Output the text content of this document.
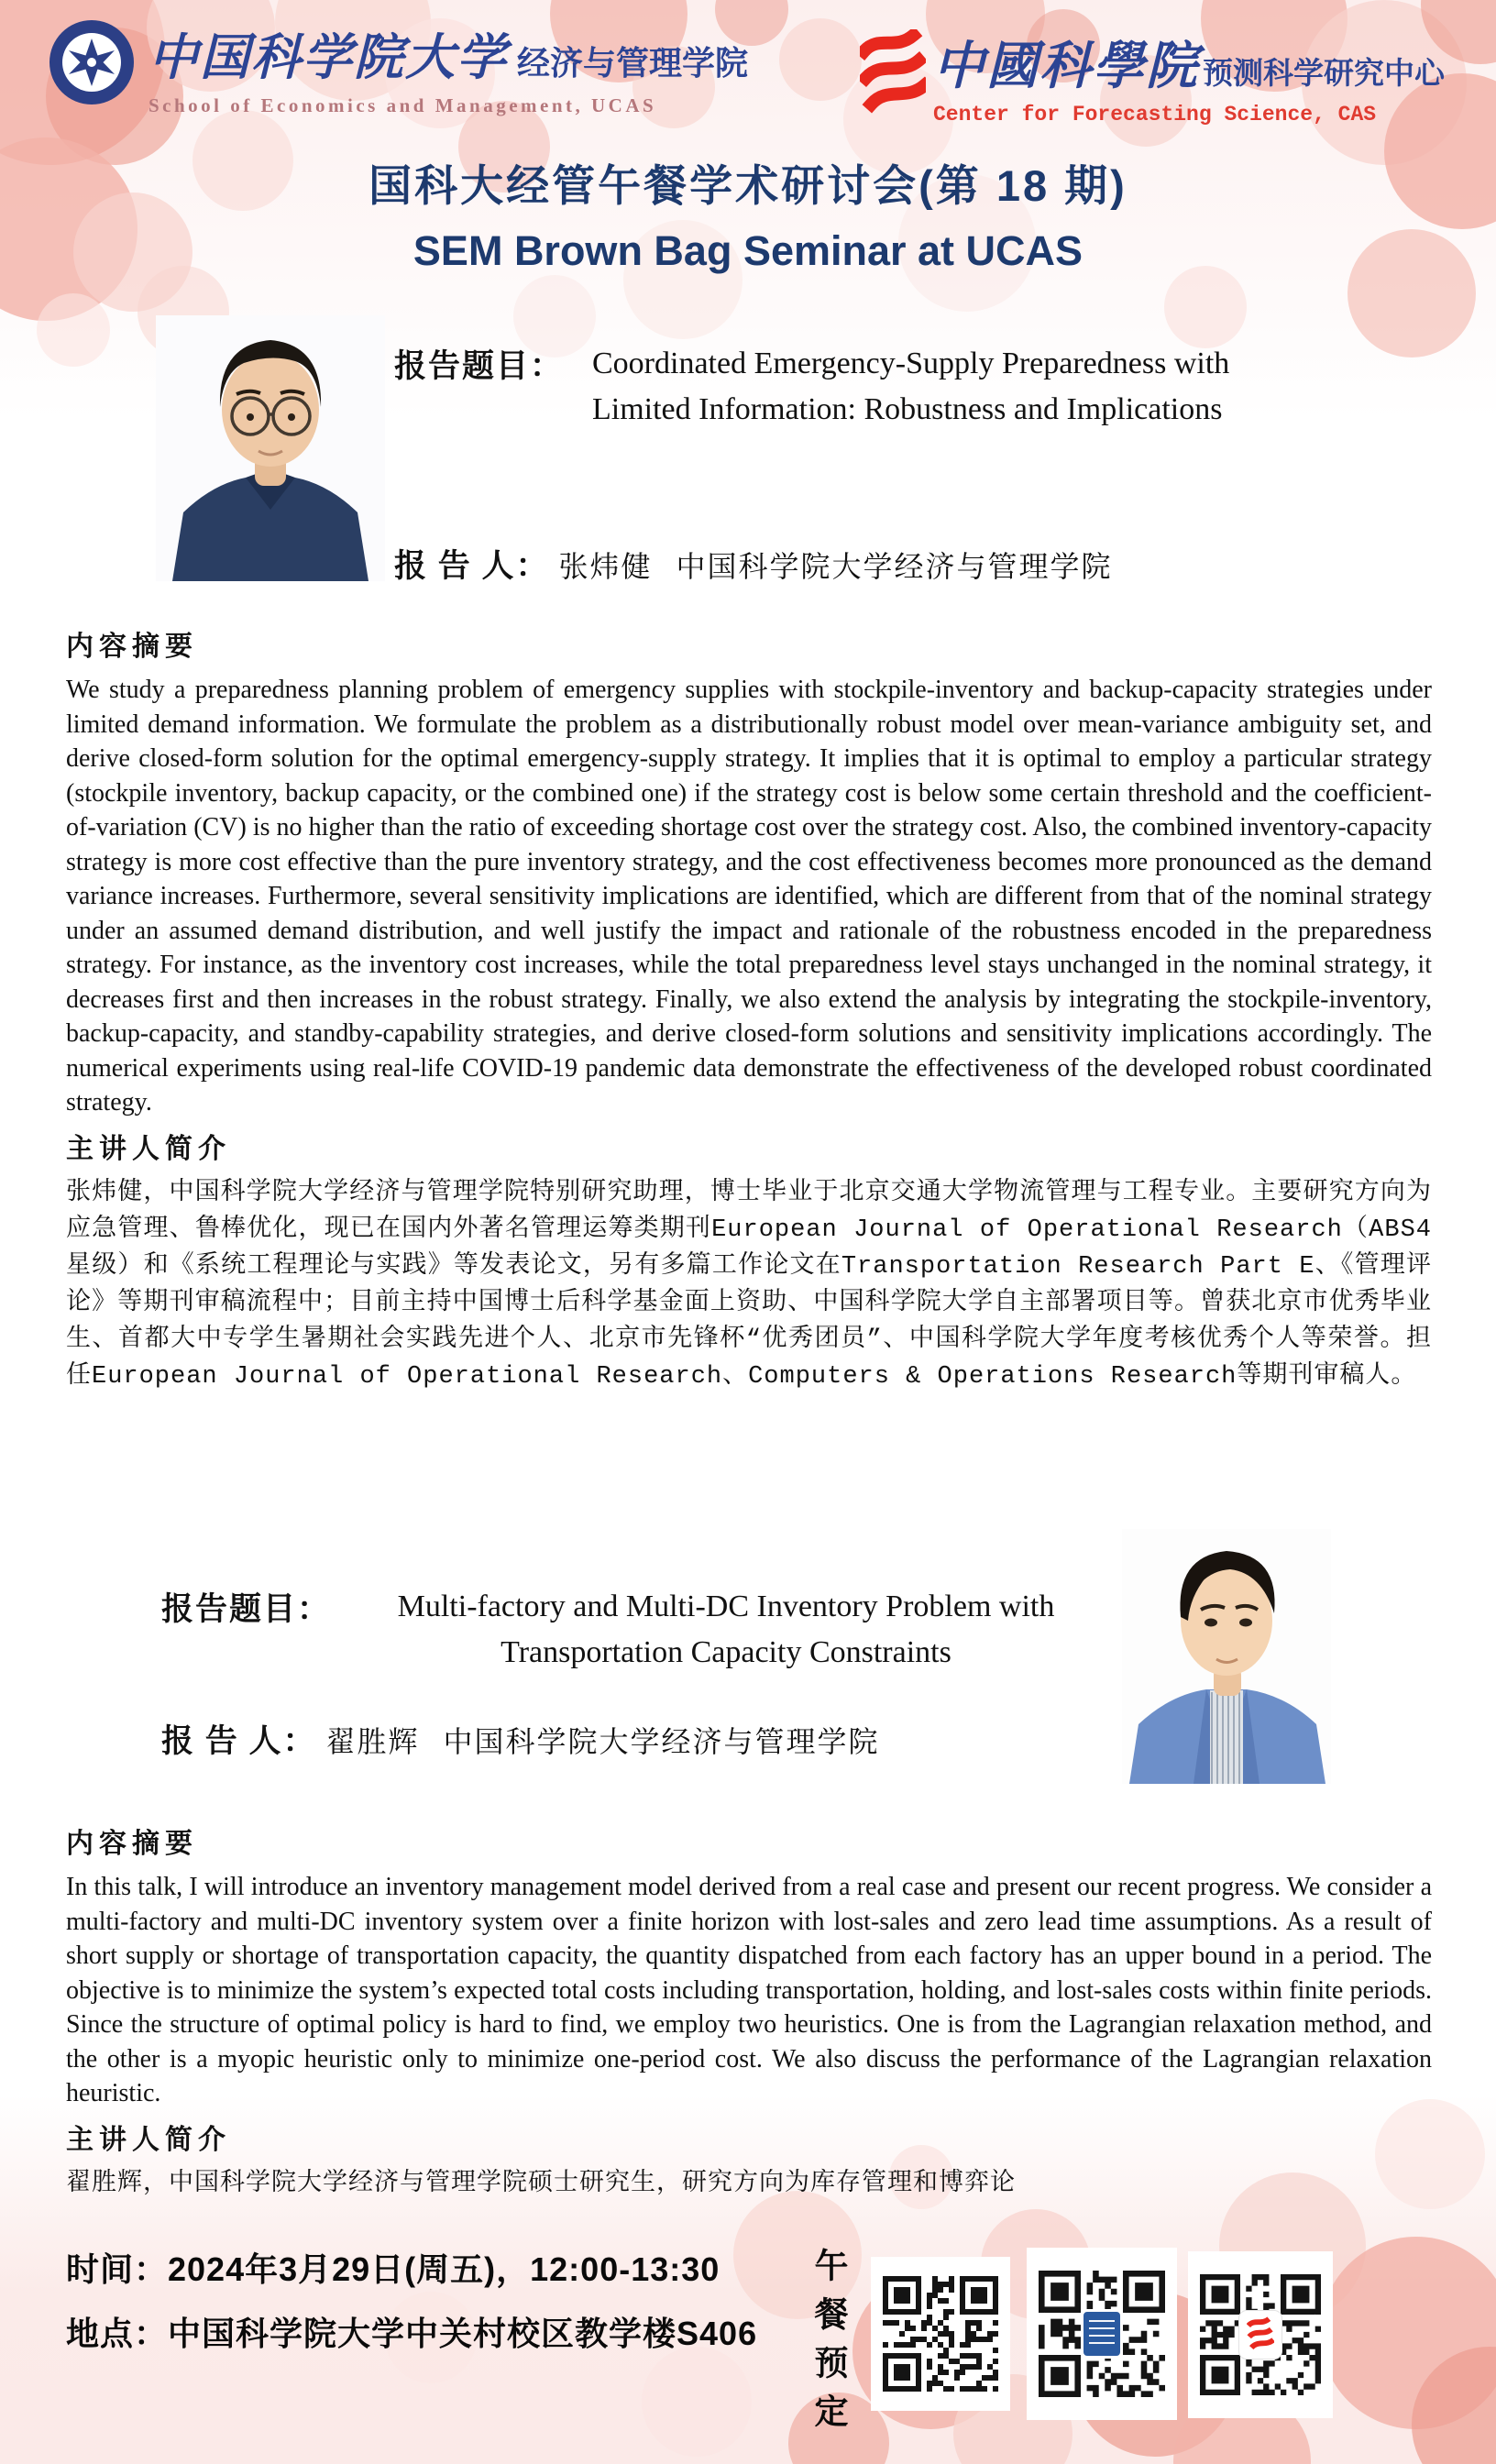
中国科学院大学 经济与管理学院
School of Economics and Management, UCAS
中國科學院 预测科学研究中心
Center for Forecasting Science, CAS
国科大经管午餐学术研讨会(第 18 期)
SEM Brown Bag Seminar at UCAS
报告题目： Coordinated Emergency-Supply Preparedness with Limited Information: Robustness and Implications
报 告 人： 张炜健 中国科学院大学经济与管理学院
内容摘要

We study a preparedness planning problem of emergency supplies with stockpile-inventory and backup-capacity strategies under limited demand information. We formulate the problem as a distributionally robust model over mean-variance ambiguity set, and derive closed-form solution for the optimal emergency-supply strategy. It implies that it is optimal to employ a particular strategy (stockpile inventory, backup capacity, or the combined one) if the strategy cost is below some certain threshold and the coefficient-of-variation (CV) is no higher than the ratio of exceeding shortage cost over the strategy cost. Also, the combined inventory-capacity strategy is more cost effective than the pure inventory strategy, and the cost effectiveness becomes more pronounced as the demand variance increases. Furthermore, several sensitivity implications are identified, which are different from that of the nominal strategy under an assumed demand distribution, and well justify the impact and rationale of the robustness encoded in the preparedness strategy. For instance, as the inventory cost increases, while the total preparedness level stays unchanged in the nominal strategy, it decreases first and then increases in the robust strategy. Finally, we also extend the analysis by integrating the stockpile-inventory, backup-capacity, and standby-capability strategies, and derive closed-form solutions and sensitivity implications accordingly. The numerical experiments using real-life COVID-19 pandemic data demonstrate the effectiveness of the developed robust coordinated strategy.

主讲人简介

张炜健，中国科学院大学经济与管理学院特别研究助理，博士毕业于北京交通大学物流管理与工程专业。主要研究方向为应急管理、鲁棒优化，现已在国内外著名管理运筹类期刊European Journal of Operational Research（ABS4星级）和《系统工程理论与实践》等发表论文，另有多篇工作论文在Transportation Research Part E、《管理评论》等期刊审稿流程中；目前主持中国博士后科学基金面上资助、中国科学院大学自主部署项目等。曾获北京市优秀毕业生、首都大中专学生暑期社会实践先进个人、北京市先锋杯“优秀团员”、中国科学院大学年度考核优秀个人等荣誉。担任European Journal of Operational Research、Computers & Operations Research等期刊审稿人。

报告题目：	Multi-factory and Multi-DC Inventory Problem with Transportation Capacity Constraints
报 告 人： 翟胜辉 中国科学院大学经济与管理学院
内容摘要

In this talk, I will introduce an inventory management model derived from a real case and present our recent progress. We consider a multi-factory and multi-DC inventory system over a finite horizon with lost-sales and zero lead time assumptions. As a result of short supply or shortage of transportation capacity, the quantity dispatched from each factory has an upper bound in a period. The objective is to minimize the system’s expected total costs including transportation, holding, and lost-sales costs within finite periods. Since the structure of optimal policy is hard to find, we employ two heuristics. One is from the Lagrangian relaxation method, and the other is a myopic heuristic only to minimize one-period cost. We also discuss the performance of the Lagrangian relaxation heuristic.

主讲人简介

翟胜辉，中国科学院大学经济与管理学院硕士研究生，研究方向为库存管理和博弈论

时间：2024年3月29日(周五)，12:00-13:30
地点：中国科学院大学中关村校区教学楼S406 午餐预定
